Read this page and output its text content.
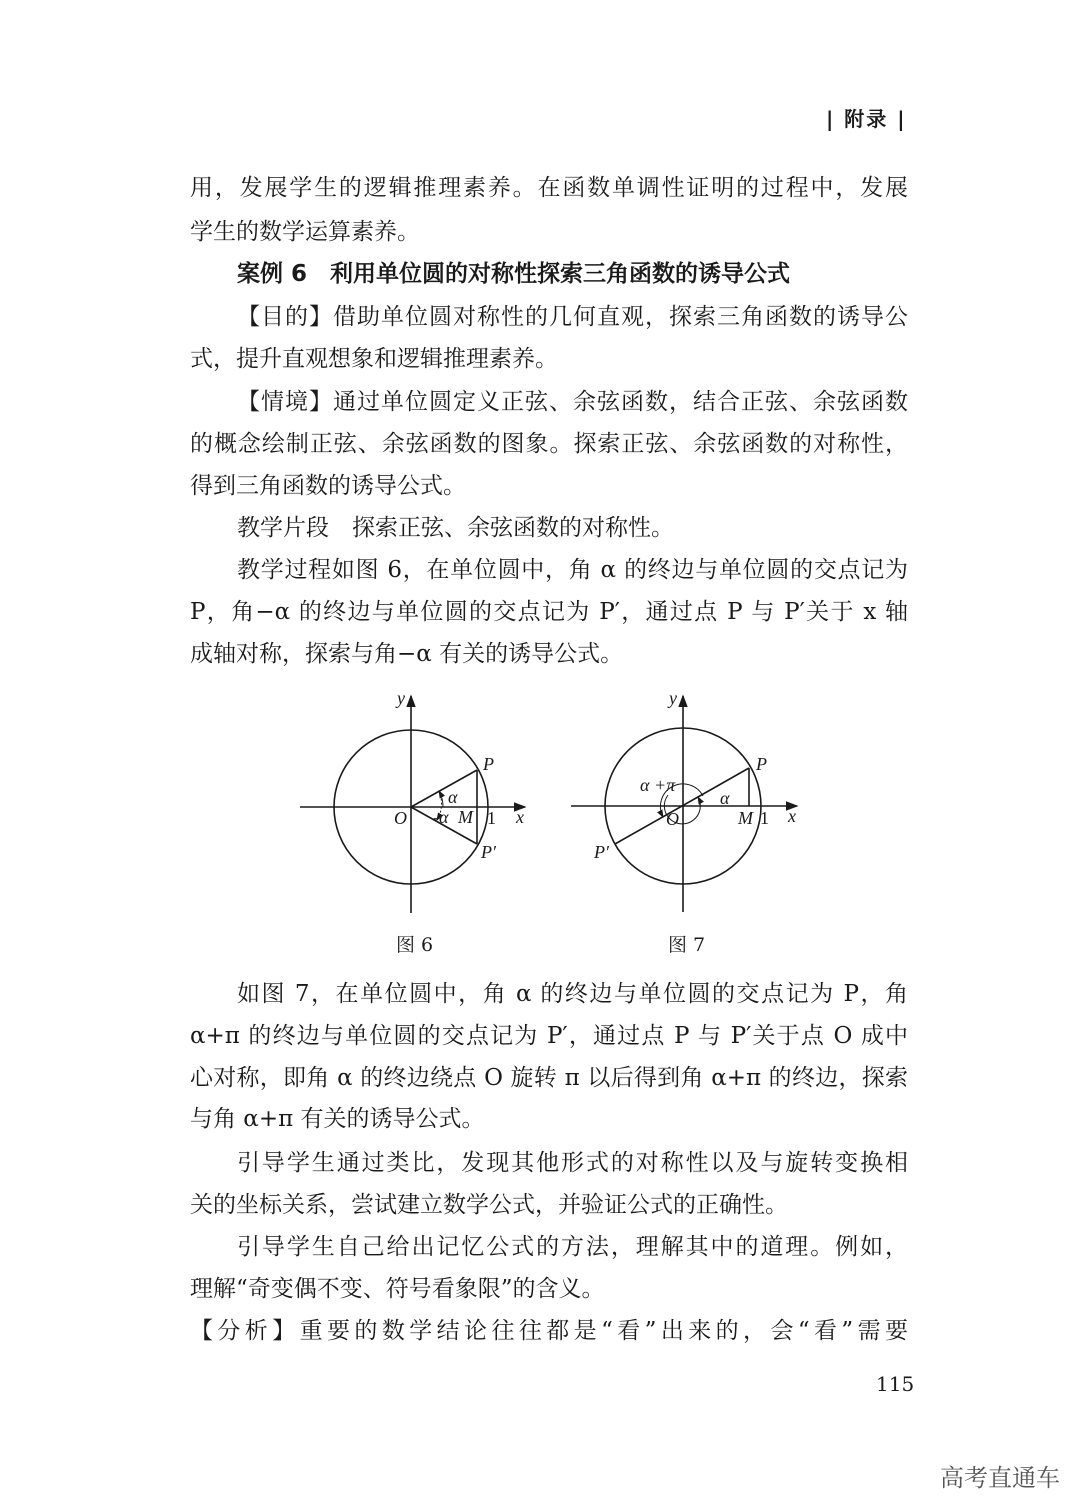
| 附录 |
用，发展学生的逻辑推理素养。在函数单调性证明的过程中，发展
学生的数学运算素养。
案例 6　利用单位圆的对称性探索三角函数的诱导公式
【目的】借助单位圆对称性的几何直观，探索三角函数的诱导公
式，提升直观想象和逻辑推理素养。
【情境】通过单位圆定义正弦、余弦函数，结合正弦、余弦函数
的概念绘制正弦、余弦函数的图象。探索正弦、余弦函数的对称性，
得到三角函数的诱导公式。
教学片段　探索正弦、余弦函数的对称性。
教学过程如图 6，在单位圆中，角 α 的终边与单位圆的交点记为
P，角−α 的终边与单位圆的交点记为 P′，通过点 P 与 P′关于 x 轴
成轴对称，探索与角−α 有关的诱导公式。
y
x
O
P
P′
α
-α M 1
图 6
y
x
O
P
P′
α +π
α
M 1
图 7
如图 7，在单位圆中，角 α 的终边与单位圆的交点记为 P，角
α+π 的终边与单位圆的交点记为 P′，通过点 P 与 P′关于点 O 成中
心对称，即角 α 的终边绕点 O 旋转 π 以后得到角 α+π 的终边，探索
与角 α+π 有关的诱导公式。
引导学生通过类比，发现其他形式的对称性以及与旋转变换相
关的坐标关系，尝试建立数学公式，并验证公式的正确性。
引导学生自己给出记忆公式的方法，理解其中的道理。例如，
理解“奇变偶不变、符号看象限”的含义。
【分析】重要的数学结论往往都是“看”出来的，会“看”需要
115
高考直通车
